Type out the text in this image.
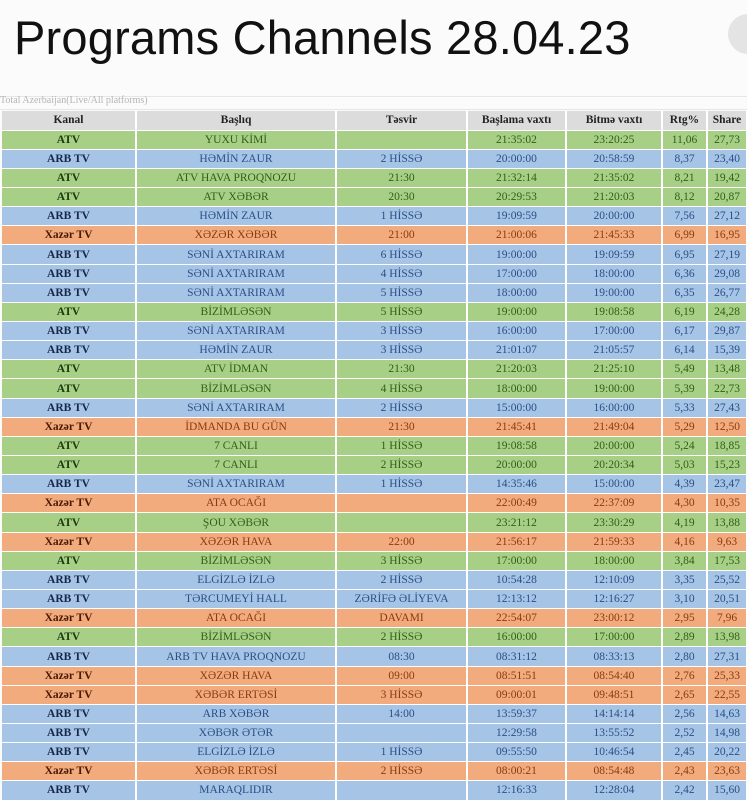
Programs Channels 28.04.23
Total Azerbaijan(Live/All platforms)
Kanal	Başlıq	Təsvir	Başlama vaxtı	Bitmə vaxtı	Rtg%	Share
ATV	YUXU KİMİ		21:35:02	23:20:25	11,06	27,73
ARB TV	HƏMİN ZAUR	2 HİSSƏ	20:00:00	20:58:59	8,37	23,40
ATV	ATV HAVA PROQNOZU	21:30	21:32:14	21:35:02	8,21	19,42
ATV	ATV XƏBƏR	20:30	20:29:53	21:20:03	8,12	20,87
ARB TV	HƏMİN ZAUR	1 HİSSƏ	19:09:59	20:00:00	7,56	27,12
Xazər TV	XƏZƏR XƏBƏR	21:00	21:00:06	21:45:33	6,99	16,95
ARB TV	SƏNİ AXTARIRAM	6 HİSSƏ	19:00:00	19:09:59	6,95	27,19
ARB TV	SƏNİ AXTARIRAM	4 HİSSƏ	17:00:00	18:00:00	6,36	29,08
ARB TV	SƏNİ AXTARIRAM	5 HİSSƏ	18:00:00	19:00:00	6,35	26,77
ATV	BİZİMLƏSƏN	5 HİSSƏ	19:00:00	19:08:58	6,19	24,28
ARB TV	SƏNİ AXTARIRAM	3 HİSSƏ	16:00:00	17:00:00	6,17	29,87
ARB TV	HƏMİN ZAUR	3 HİSSƏ	21:01:07	21:05:57	6,14	15,39
ATV	ATV İDMAN	21:30	21:20:03	21:25:10	5,49	13,48
ATV	BİZİMLƏSƏN	4 HİSSƏ	18:00:00	19:00:00	5,39	22,73
ARB TV	SƏNİ AXTARIRAM	2 HİSSƏ	15:00:00	16:00:00	5,33	27,43
Xazər TV	İDMANDA BU GÜN	21:30	21:45:41	21:49:04	5,29	12,50
ATV	7 CANLI	1 HİSSƏ	19:08:58	20:00:00	5,24	18,85
ATV	7 CANLI	2 HİSSƏ	20:00:00	20:20:34	5,03	15,23
ARB TV	SƏNİ AXTARIRAM	1 HİSSƏ	14:35:46	15:00:00	4,39	23,47
Xazər TV	ATA OCAĞI		22:00:49	22:37:09	4,30	10,35
ATV	ŞOU XƏBƏR		23:21:12	23:30:29	4,19	13,88
Xazər TV	XƏZƏR HAVA	22:00	21:56:17	21:59:33	4,16	9,63
ATV	BİZİMLƏSƏN	3 HİSSƏ	17:00:00	18:00:00	3,84	17,53
ARB TV	ELGİZLƏ İZLƏ	2 HİSSƏ	10:54:28	12:10:09	3,35	25,52
ARB TV	TƏRCUMEYİ HALL	ZƏRİFƏ ƏLİYEVA	12:13:12	12:16:27	3,10	20,51
Xazər TV	ATA OCAĞI	DAVAMI	22:54:07	23:00:12	2,95	7,96
ATV	BİZİMLƏSƏN	2 HİSSƏ	16:00:00	17:00:00	2,89	13,98
ARB TV	ARB TV HAVA PROQNOZU	08:30	08:31:12	08:33:13	2,80	27,31
Xazər TV	XƏZƏR HAVA	09:00	08:51:51	08:54:40	2,76	25,33
Xazər TV	XƏBƏR ERTƏSİ	3 HİSSƏ	09:00:01	09:48:51	2,65	22,55
ARB TV	ARB XƏBƏR	14:00	13:59:37	14:14:14	2,56	14,63
ARB TV	XƏBƏR ƏTƏR		12:29:58	13:55:52	2,52	14,98
ARB TV	ELGİZLƏ İZLƏ	1 HİSSƏ	09:55:50	10:46:54	2,45	20,22
Xazər TV	XƏBƏR ERTƏSİ	2 HİSSƏ	08:00:21	08:54:48	2,43	23,63
ARB TV	MARAQLIDIR		12:16:33	12:28:04	2,42	15,60
